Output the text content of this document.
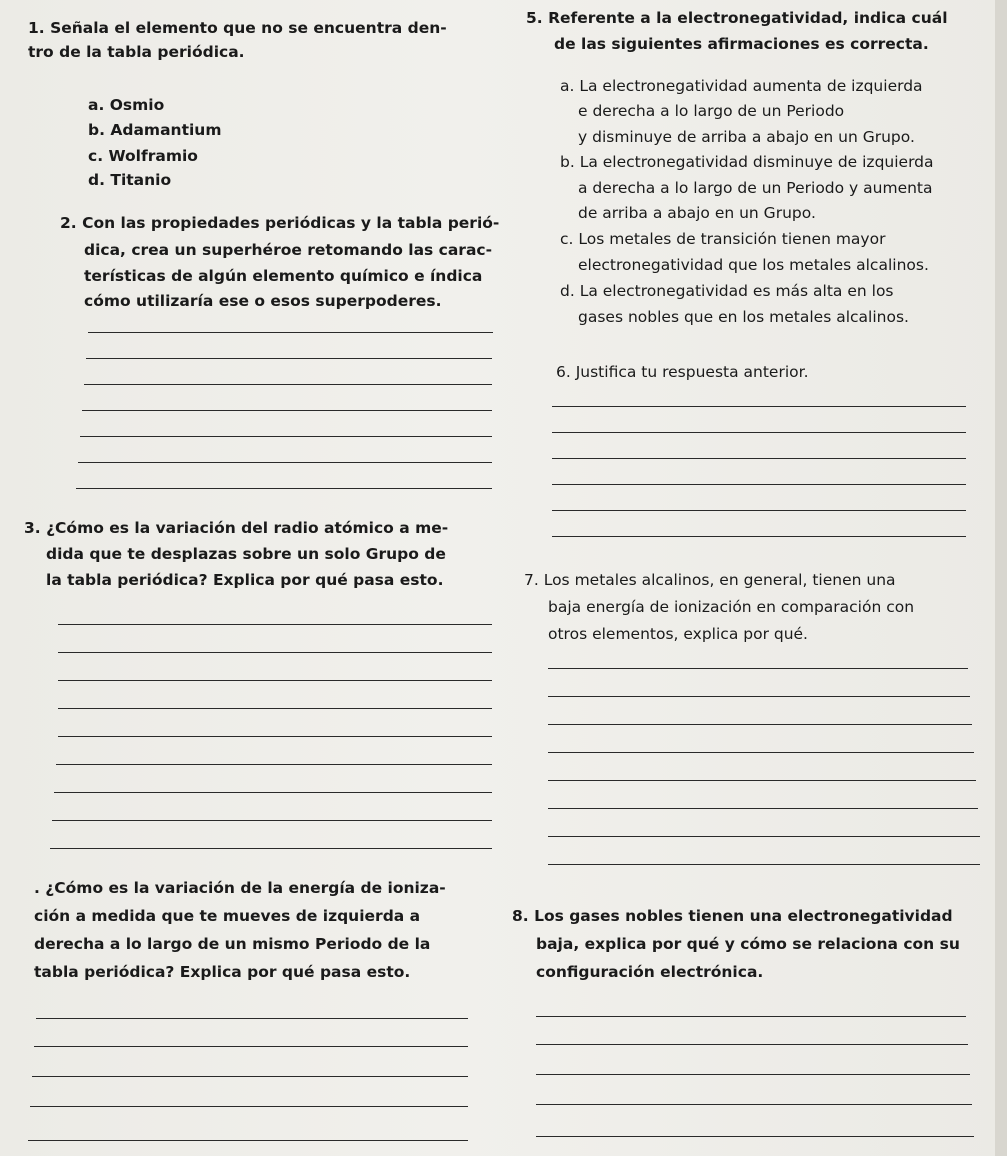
1. Señala el elemento que no se encuentra den-
tro de la tabla periódica.
a. Osmio
b. Adamantium
c. Wolframio
d. Titanio
2. Con las propiedades periódicas y la tabla perió-
dica, crea un superhéroe retomando las carac-
terísticas de algún elemento químico e índica
cómo utilizaría ese o esos superpoderes.
3. ¿Cómo es la variación del radio atómico a me-
dida que te desplazas sobre un solo Grupo de
la tabla periódica? Explica por qué pasa esto.
. ¿Cómo es la variación de la energía de ioniza-
ción a medida que te mueves de izquierda a
derecha a lo largo de un mismo Periodo de la
tabla periódica? Explica por qué pasa esto.
5. Referente a la electronegatividad, indica cuál
de las siguientes afirmaciones es correcta.
a. La electronegatividad aumenta de izquierda
e derecha a lo largo de un Periodo
y disminuye de arriba a abajo en un Grupo.
b. La electronegatividad disminuye de izquierda
a derecha a lo largo de un Periodo y aumenta
de arriba a abajo en un Grupo.
c. Los metales de transición tienen mayor
electronegatividad que los metales alcalinos.
d. La electronegatividad es más alta en los
gases nobles que en los metales alcalinos.
6. Justifica tu respuesta anterior.
7. Los metales alcalinos, en general, tienen una
baja energía de ionización en comparación con
otros elementos, explica por qué.
8. Los gases nobles tienen una electronegatividad
baja, explica por qué y cómo se relaciona con su
configuración electrónica.
